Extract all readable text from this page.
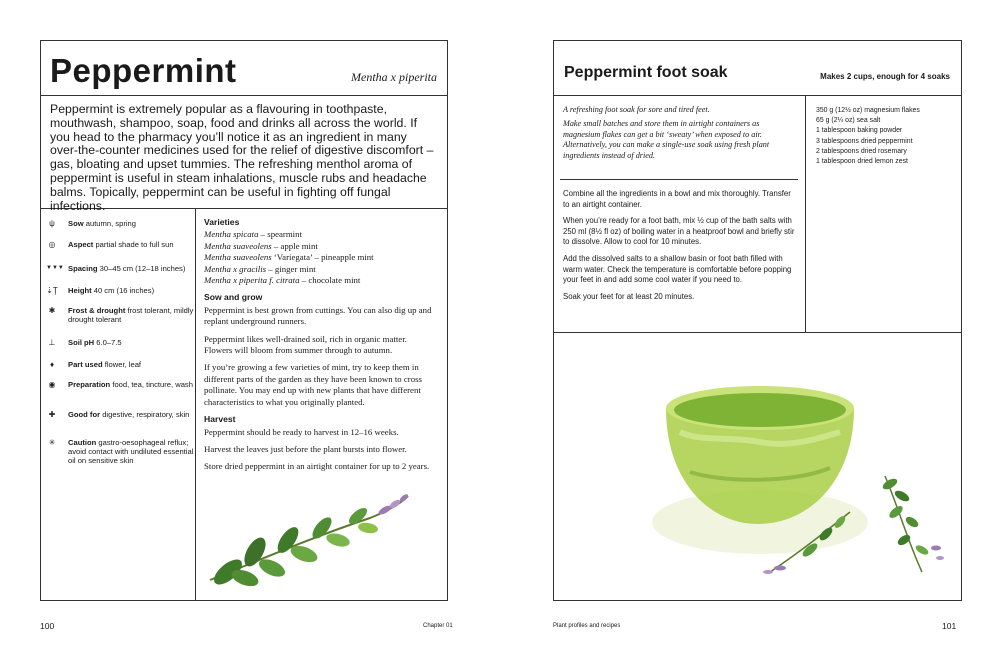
Peppermint	Mentha x piperita
Peppermint is extremely popular as a flavouring in toothpaste, mouthwash, shampoo, soap, food and drinks all across the world. If you head to the pharmacy you’ll notice it as an ingredient in many over-the-counter medicines used for the relief of digestive discomfort – gas, bloating and upset tummies. The refreshing menthol aroma of peppermint is useful in steam inhalations, muscle rubs and headache balms. Topically, peppermint can be useful in fighting off fungal infections.
ψ	Sow autumn, spring
◎	Aspect partial shade to full sun
▼▼▼ Spacing 30–45 cm (12–18 inches)
⇣Ţ Height 40 cm (16 inches)
✱	Frost & drought frost tolerant, mildly drought tolerant
⊥	Soil pH 6.0–7.5
♦	Part used flower, leaf
◉	Preparation food, tea, tincture, wash
✚	Good for digestive, respiratory, skin
✳	Caution gastro-oesophageal reflux; avoid contact with undiluted essential oil on sensitive skin
Varieties
Mentha spicata – spearmint
Mentha suaveolens – apple mint
Mentha suaveolens ‘Variegata’ – pineapple mint
Mentha x gracilis – ginger mint
Mentha x piperita f. citrata – chocolate mint
Sow and grow

Peppermint is best grown from cuttings. You can also dig up and replant underground runners.

Peppermint likes well-drained soil, rich in organic matter. Flowers will bloom from summer through to autumn.

If you’re growing a few varieties of mint, try to keep them in different parts of the garden as they have been known to cross pollinate. You may end up with new plants that have different characteristics to what you originally planted.

Harvest

Peppermint should be ready to harvest in 12–16 weeks.

Harvest the leaves just before the plant bursts into flower.

Store dried peppermint in an airtight container for up to 2 years.

100	Chapter 01
Peppermint foot soak	Makes 2 cups, enough for 4 soaks
A refreshing foot soak for sore and tired feet.
Make small batches and store them in airtight containers as magnesium flakes can get a bit ‘sweaty’ when exposed to air. Alternatively, you can make a single-use soak using fresh plant ingredients instead of dried.
350 g (12½ oz) magnesium flakes
65 g (2¼ oz) sea salt
1 tablespoon baking powder
3 tablespoons dried peppermint
2 tablespoons dried rosemary
1 tablespoon dried lemon zest

Combine all the ingredients in a bowl and mix thoroughly. Transfer to an airtight container.

When you’re ready for a foot bath, mix ½ cup of the bath salts with 250 ml (8½ fl oz) of boiling water in a heatproof bowl and briefly stir to dissolve. Allow to cool for 10 minutes.

Add the dissolved salts to a shallow basin or foot bath filled with warm water. Check the temperature is comfortable before popping your feet in and add some cool water if you need to.

Soak your feet for at least 20 minutes.

Plant profiles and recipes	101
